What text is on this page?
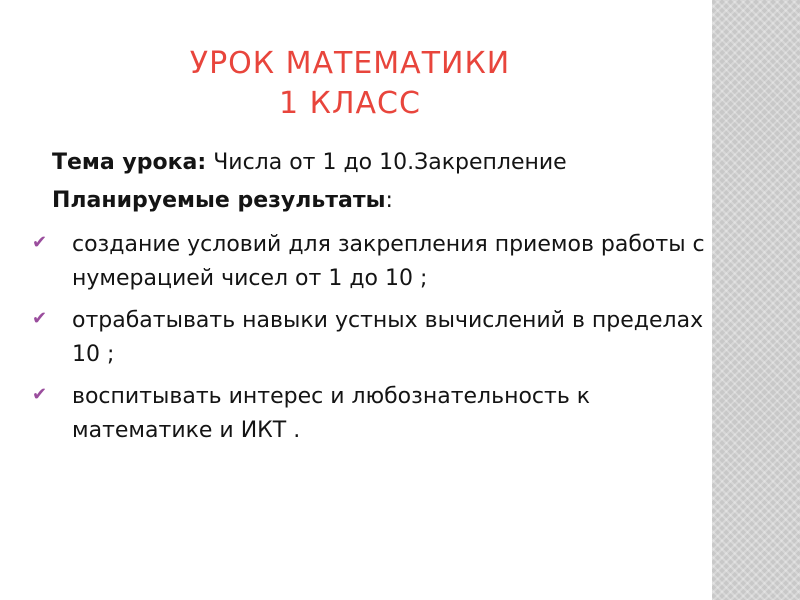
УРОК МАТЕМАТИКИ
1 КЛАСС
Тема урока: Числа от 1 до 10.Закрепление
Планируемые результаты:
✔ создание условий для закрепления приемов работы с нумерацией чисел от 1 до 10 ;
✔ отрабатывать навыки устных вычислений в пределах 10 ;
✔ воспитывать интерес и любознательность к математике и ИКТ .
